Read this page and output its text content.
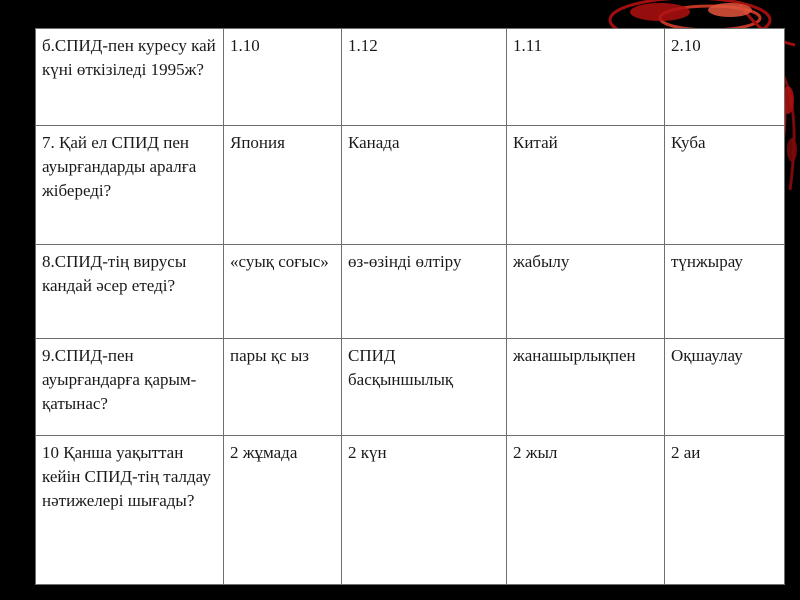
б.СПИД-пен куресу кай күні өткізіледі 1995ж?	1.10	1.12	1.11	2.10

7. Қай ел СПИД пен ауырғандарды аралға жібереді?	Япония	Канада	Китай	Куба

8.СПИД-тің вирусы кандай әсер етеді?	«суық соғыс»	өз-өзінді өлтіру	жабылу	түнжырау

9.СПИД-пен ауырғандарға қарым-қатынас?	пары қс ыз	СПИД басқыншылық	жанашырлықпен	Оқшаулау

10 Қанша уақыттан кейін СПИД-тің талдау нәтижелері шығады?	2 жұмада	2 күн	2 жыл	2 аи
